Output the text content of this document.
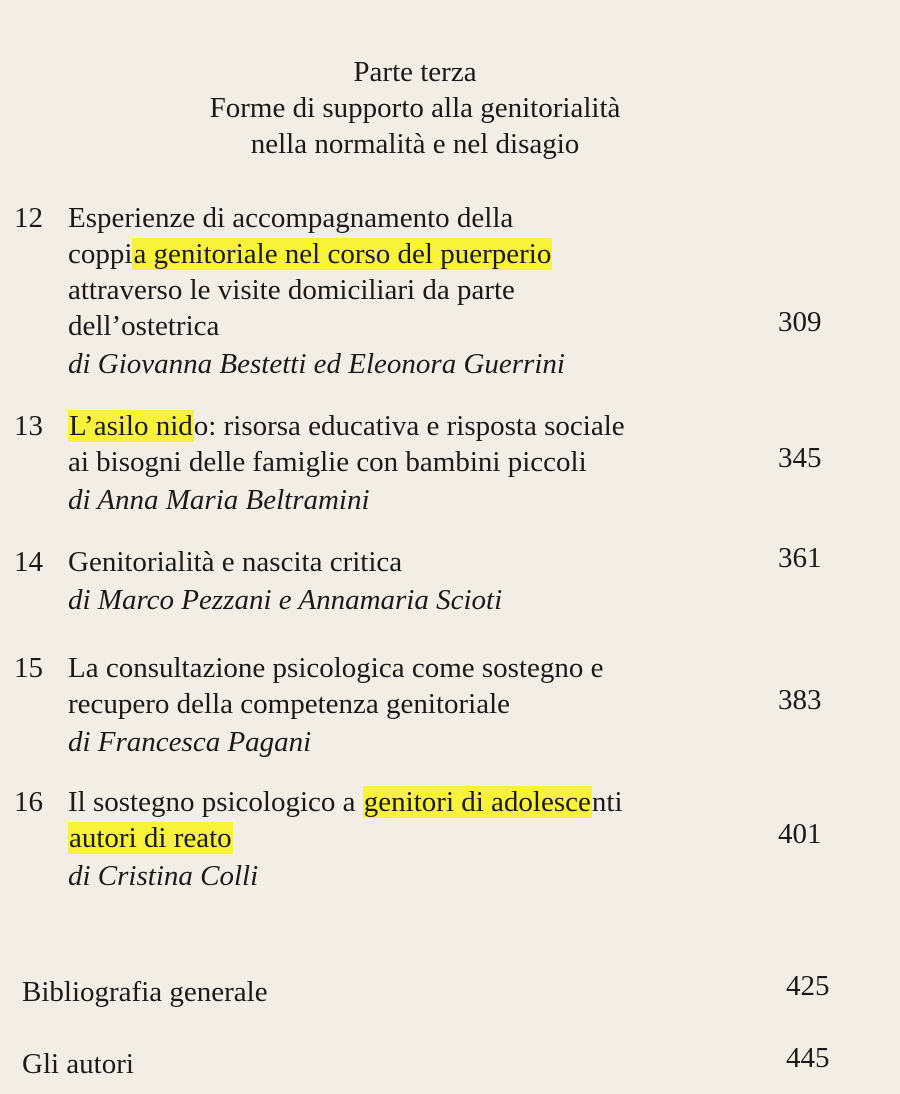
Parte terza
Forme di supporto alla genitorialità
nella normalità e nel disagio
12 Esperienze di accompagnamento della
coppia genitoriale nel corso del puerperio
attraverso le visite domiciliari da parte
dell’ostetrica	309
di Giovanna Bestetti ed Eleonora Guerrini
13 L’asilo nido: risorsa educativa e risposta sociale
ai bisogni delle famiglie con bambini piccoli	345
di Anna Maria Beltramini
14 Genitorialità e nascita critica	361
di Marco Pezzani e Annamaria Scioti
15 La consultazione psicologica come sostegno e
recupero della competenza genitoriale	383
di Francesca Pagani
16 Il sostegno psicologico a genitori di adolescenti
autori di reato	401
di Cristina Colli
Bibliografia generale	425
Gli autori	445
